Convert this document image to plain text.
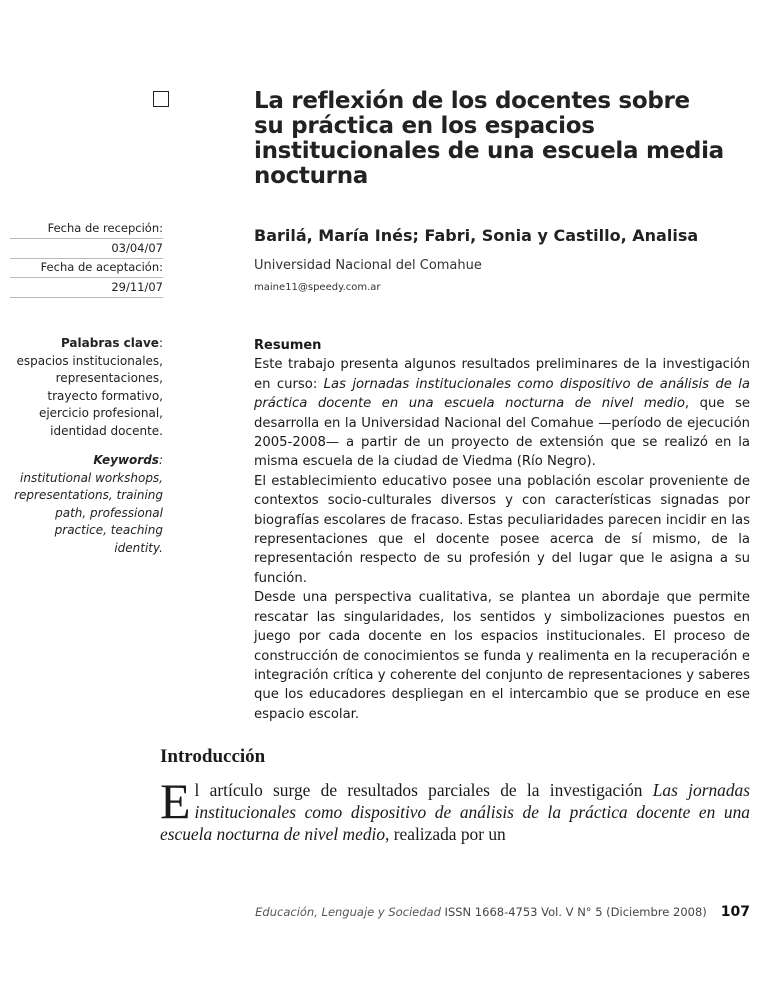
La reflexión de los docentes sobre su práctica en los espacios institucionales de una escuela media nocturna
Fecha de recepción:
03/04/07
Fecha de aceptación:
29/11/07
Barilá, María Inés; Fabri, Sonia y Castillo, Analisa
Universidad Nacional del Comahue
maine11@speedy.com.ar
Palabras clave:
espacios institucionales, representaciones, trayecto formativo, ejercicio profesional, identidad docente.
Keywords:
institutional workshops, representations, training path, professional practice, teaching identity.
Resumen

Este trabajo presenta algunos resultados preliminares de la investigación en curso: Las jornadas institucionales como dispositivo de análisis de la práctica docente en una escuela nocturna de nivel medio, que se desarrolla en la Universidad Nacional del Comahue —período de ejecución 2005-2008— a partir de un proyecto de extensión que se realizó en la misma escuela de la ciudad de Viedma (Río Negro).

El establecimiento educativo posee una población escolar proveniente de contextos socio-culturales diversos y con características signadas por biografías escolares de fracaso. Estas peculiaridades parecen incidir en las representaciones que el docente posee acerca de sí mismo, de la representación respecto de su profesión y del lugar que le asigna a su función.

Desde una perspectiva cualitativa, se plantea un abordaje que permite rescatar las singularidades, los sentidos y simbolizaciones puestos en juego por cada docente en los espacios institucionales. El proceso de construcción de conocimientos se funda y realimenta en la recuperación e integración crítica y coherente del conjunto de representaciones y saberes que los educadores despliegan en el intercambio que se produce en ese espacio escolar.

Introducción
El artículo surge de resultados parciales de la investigación Las jornadas institucionales como dispositivo de análisis de la práctica docente en una escuela nocturna de nivel medio, realizada por un
Educación, Lenguaje y Sociedad ISSN 1668-4753 Vol. V N° 5 (Diciembre 2008) 107
